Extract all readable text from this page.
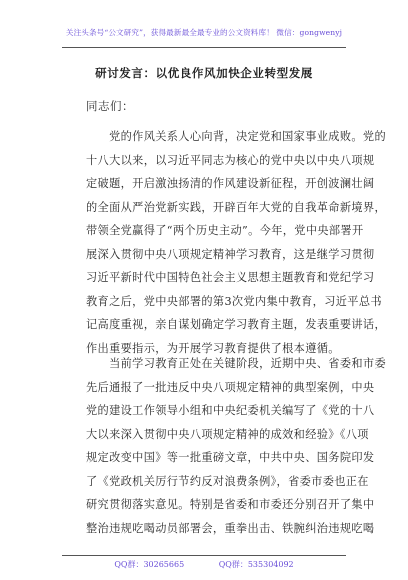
关注头条号“公文研究”，获得最新最全最专业的公文资料库！ 微信：gongwenyj
研讨发言：以优良作风加快企业转型发展
同志们：
　　党的作风关系人心向背，决定党和国家事业成败。党的
十八大以来，以习近平同志为核心的党中央以中央八项规
定破题，开启激浊扬清的作风建设新征程，开创波澜壮阔
的全面从严治党新实践，开辟百年大党的自我革命新境界，
带领全党赢得了“两个历史主动”。今年，党中央部署开
展深入贯彻中央八项规定精神学习教育，这是继学习贯彻
习近平新时代中国特色社会主义思想主题教育和党纪学习
教育之后，党中央部署的第3次党内集中教育，习近平总书
记高度重视，亲自谋划确定学习教育主题，发表重要讲话，
作出重要指示，为开展学习教育提供了根本遵循。
　　当前学习教育正处在关键阶段，近期中央、省委和市委
先后通报了一批违反中央八项规定精神的典型案例，中央
党的建设工作领导小组和中央纪委机关编写了《党的十八
大以来深入贯彻中央八项规定精神的成效和经验》《八项
规定改变中国》等一批重磅文章，中共中央、国务院印发
了《党政机关厉行节约反对浪费条例》，省委市委也正在
研究贯彻落实意见。特别是省委和市委还分别召开了集中
整治违规吃喝动员部署会，重拳出击、铁腕纠治违规吃喝
QQ群：30265665	QQ群：535304092
